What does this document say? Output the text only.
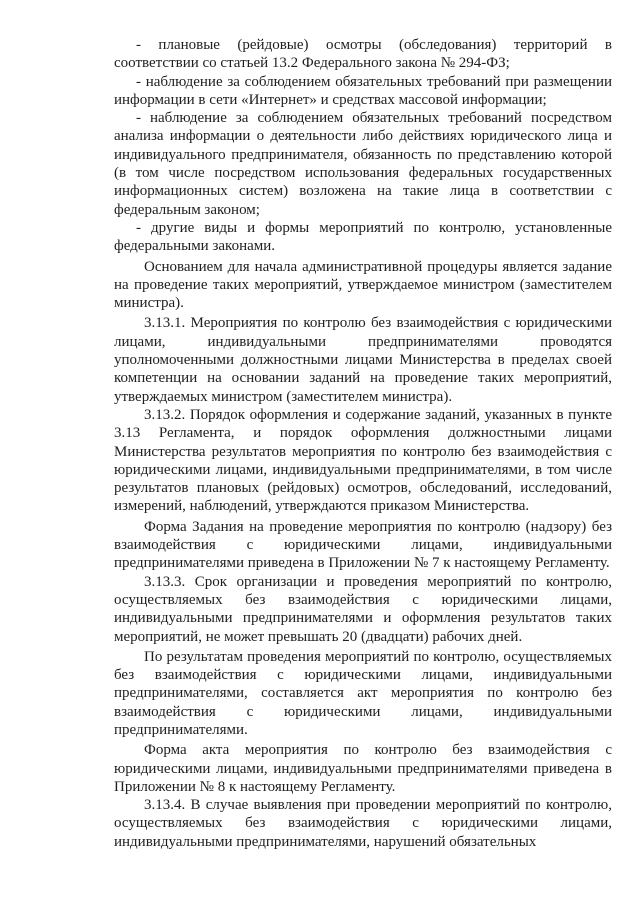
- плановые (рейдовые) осмотры (обследования) территорий в соответствии со статьей 13.2 Федерального закона № 294-ФЗ;

- наблюдение за соблюдением обязательных требований при размещении информации в сети «Интернет» и средствах массовой информации;

- наблюдение за соблюдением обязательных требований посредством анализа информации о деятельности либо действиях юридического лица и индивидуального предпринимателя, обязанность по представлению которой (в том числе посредством использования федеральных государственных информационных систем) возложена на такие лица в соответствии с федеральным законом;

- другие виды и формы мероприятий по контролю, установленные федеральными законами.

Основанием для начала административной процедуры является задание на проведение таких мероприятий, утверждаемое министром (заместителем министра).

3.13.1. Мероприятия по контролю без взаимодействия с юридическими лицами, индивидуальными предпринимателями проводятся уполномоченными должностными лицами Министерства в пределах своей компетенции на основании заданий на проведение таких мероприятий, утверждаемых министром (заместителем министра).

3.13.2. Порядок оформления и содержание заданий, указанных в пункте 3.13 Регламента, и порядок оформления должностными лицами Министерства результатов мероприятия по контролю без взаимодействия с юридическими лицами, индивидуальными предпринимателями, в том числе результатов плановых (рейдовых) осмотров, обследований, исследований, измерений, наблюдений, утверждаются приказом Министерства.

Форма Задания на проведение мероприятия по контролю (надзору) без взаимодействия с юридическими лицами, индивидуальными предпринимателями приведена в Приложении № 7 к настоящему Регламенту.

3.13.3. Срок организации и проведения мероприятий по контролю, осуществляемых без взаимодействия с юридическими лицами, индивидуальными предпринимателями и оформления результатов таких мероприятий, не может превышать 20 (двадцати) рабочих дней.

По результатам проведения мероприятий по контролю, осуществляемых без взаимодействия с юридическими лицами, индивидуальными предпринимателями, составляется акт мероприятия по контролю без взаимодействия с юридическими лицами, индивидуальными предпринимателями.

Форма акта мероприятия по контролю без взаимодействия с юридическими лицами, индивидуальными предпринимателями приведена в Приложении № 8 к настоящему Регламенту.

3.13.4. В случае выявления при проведении мероприятий по контролю, осуществляемых без взаимодействия с юридическими лицами, индивидуальными предпринимателями, нарушений обязательных
